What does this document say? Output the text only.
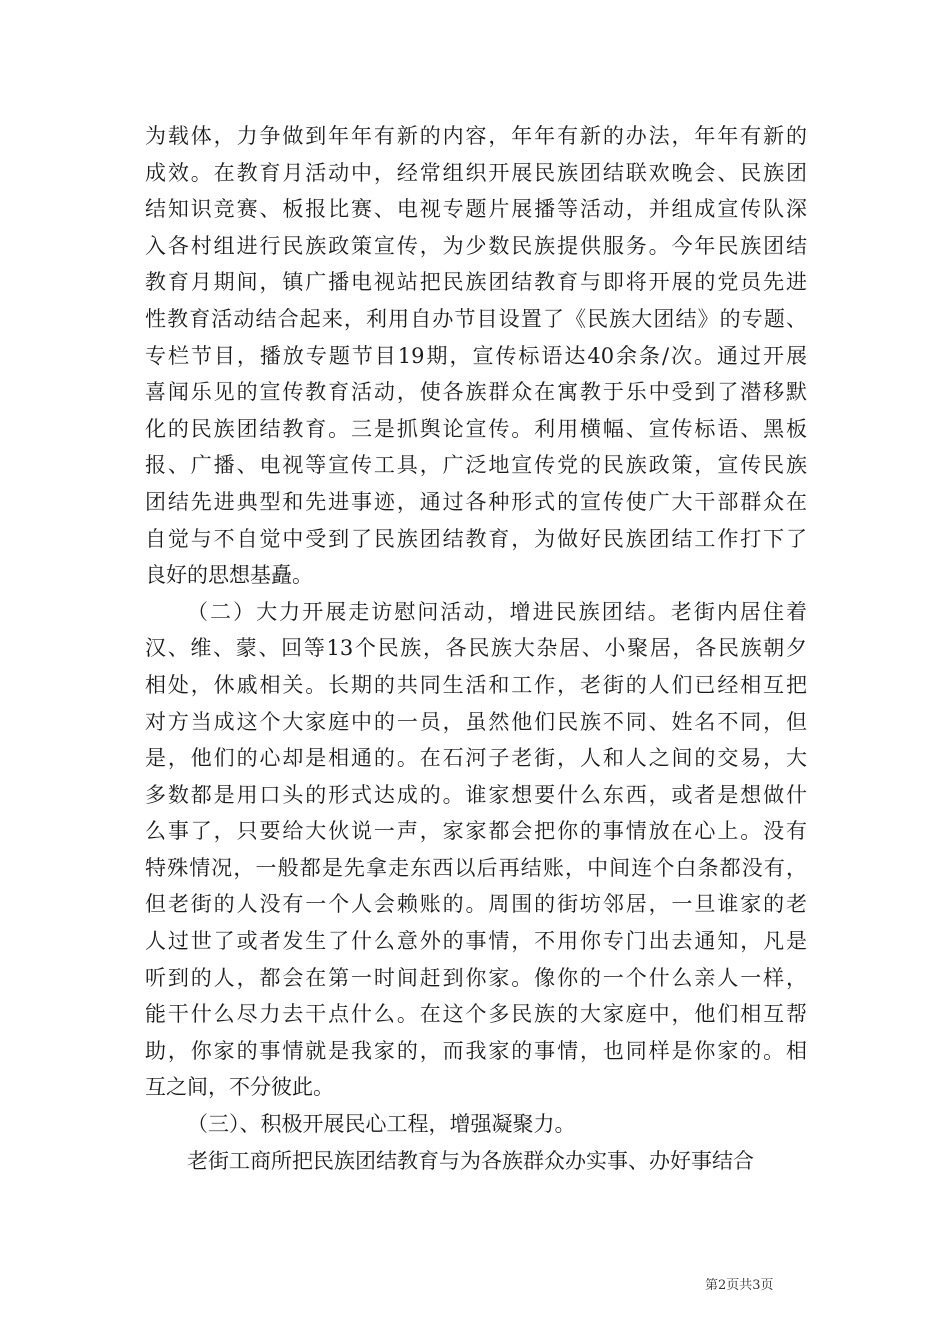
为载体，力争做到年年有新的内容，年年有新的办法，年年有新的
成效。在教育月活动中，经常组织开展民族团结联欢晚会、民族团
结知识竞赛、板报比赛、电视专题片展播等活动，并组成宣传队深
入各村组进行民族政策宣传，为少数民族提供服务。今年民族团结
教育月期间，镇广播电视站把民族团结教育与即将开展的党员先进
性教育活动结合起来，利用自办节目设置了《民族大团结》的专题、
专栏节目，播放专题节目19期，宣传标语达40余条/次。通过开展
喜闻乐见的宣传教育活动，使各族群众在寓教于乐中受到了潜移默
化的民族团结教育。三是抓舆论宣传。利用横幅、宣传标语、黑板
报、广播、电视等宣传工具，广泛地宣传党的民族政策，宣传民族
团结先进典型和先进事迹，通过各种形式的宣传使广大干部群众在
自觉与不自觉中受到了民族团结教育，为做好民族团结工作打下了
良好的思想基矗。
（二）大力开展走访慰问活动，增进民族团结。老街内居住着
汉、维、蒙、回等13个民族，各民族大杂居、小聚居，各民族朝夕
相处，休戚相关。长期的共同生活和工作，老街的人们已经相互把
对方当成这个大家庭中的一员，虽然他们民族不同、姓名不同，但
是，他们的心却是相通的。在石河子老街，人和人之间的交易，大
多数都是用口头的形式达成的。谁家想要什么东西，或者是想做什
么事了，只要给大伙说一声，家家都会把你的事情放在心上。没有
特殊情况，一般都是先拿走东西以后再结账，中间连个白条都没有，
但老街的人没有一个人会赖账的。周围的街坊邻居，一旦谁家的老
人过世了或者发生了什么意外的事情，不用你专门出去通知，凡是
听到的人，都会在第一时间赶到你家。像你的一个什么亲人一样，
能干什么尽力去干点什么。在这个多民族的大家庭中，他们相互帮
助，你家的事情就是我家的，而我家的事情，也同样是你家的。相
互之间，不分彼此。
（三）、积极开展民心工程，增强凝聚力。
老街工商所把民族团结教育与为各族群众办实事、办好事结合
第2页共3页
